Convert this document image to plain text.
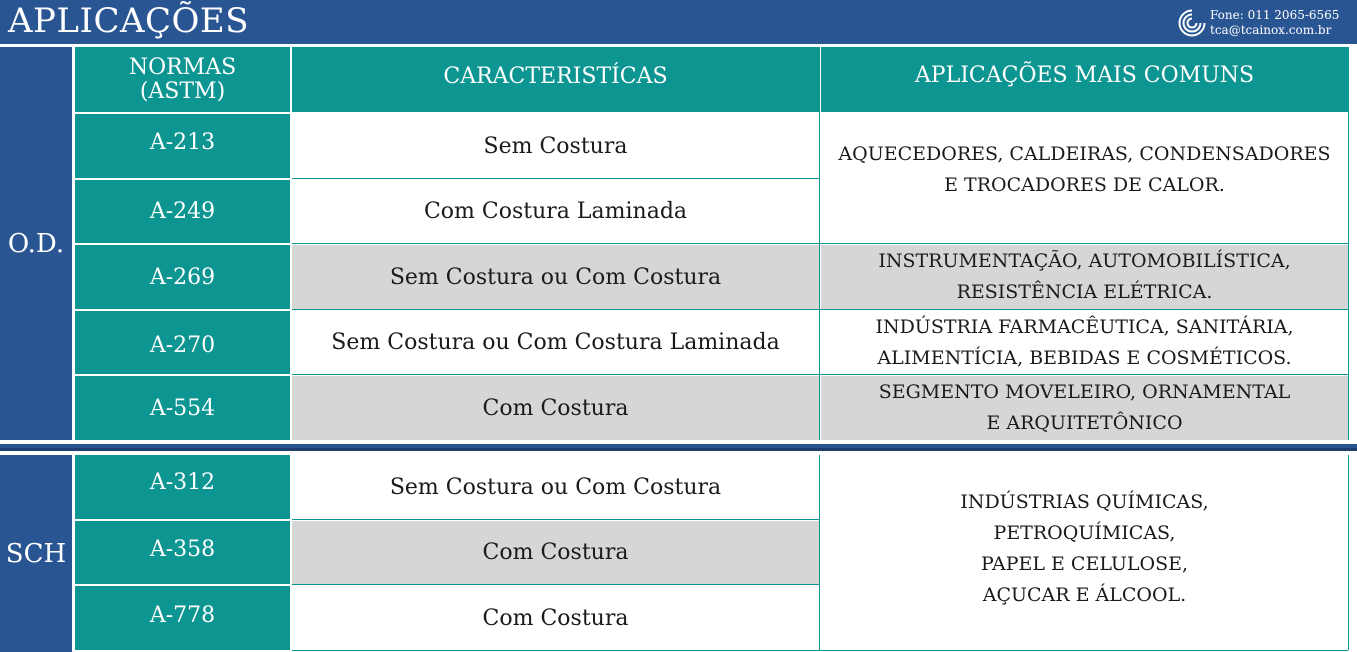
APLICAÇÕES	Fone: 011 2065-6565
tca@tcainox.com.br
O.D.
SCH
NORMAS
(ASTM)
CARACTERISTÍCAS	APLICAÇÕES MAIS COMUNS
A-213
A-249
A-269
A-270
A-554
Sem Costura
Com Costura Laminada
Sem Costura ou Com Costura
Sem Costura ou Com Costura Laminada
Com Costura
AQUECEDORES, CALDEIRAS, CONDENSADORES
E TROCADORES DE CALOR.
INSTRUMENTAÇÃO, AUTOMOBILÍSTICA,
RESISTÊNCIA ELÉTRICA.
INDÚSTRIA FARMACÊUTICA, SANITÁRIA,
ALIMENTÍCIA, BEBIDAS E COSMÉTICOS.
SEGMENTO MOVELEIRO, ORNAMENTAL
E ARQUITETÔNICO
A-312
A-358
A-778
Sem Costura ou Com Costura
Com Costura
Com Costura
INDÚSTRIAS QUÍMICAS,
PETROQUÍMICAS,
PAPEL E CELULOSE,
AÇUCAR E ÁLCOOL.
